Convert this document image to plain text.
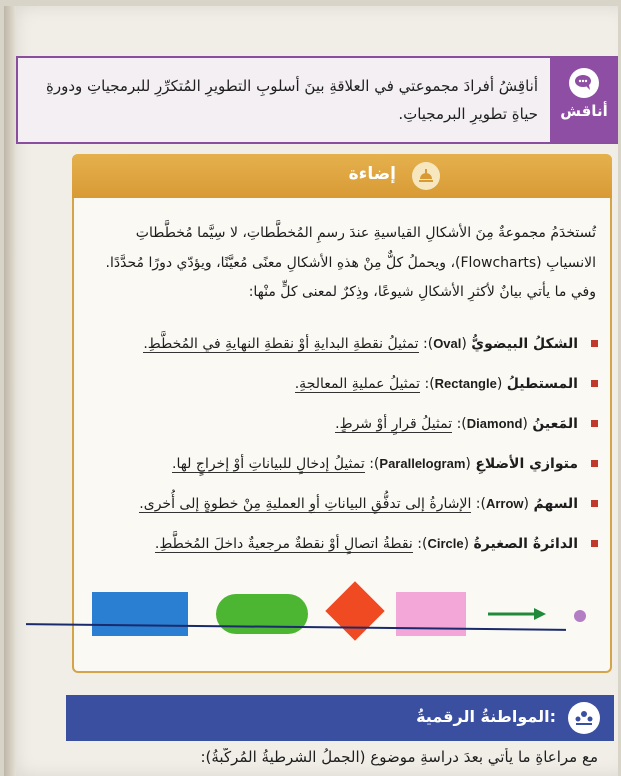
أناقِشُ أفرادَ مجموعتي في العلاقةِ بينَ أسلوبِ التطويرِ المُتكرِّرِ للبرمجياتِ ودورةِ حياةِ تطويرِ البرمجياتِ.	أناقش
إضاءة
تُستخدَمُ مجموعةٌ مِنَ الأشكالِ القياسيةِ عندَ رسمِ المُخطَّطاتِ، لا سِيَّما مُخطَّطاتِ الانسيابِ (Flowcharts)، ويحملُ كلٌّ مِنْ هذهِ الأشكالِ معنًى مُعيَّنًا، ويؤدّي دورًا مُحدَّدًا.
وفي ما يأتي بيانٌ لأكثرِ الأشكالِ شيوعًا، وذِكرٌ لمعنى كلٍّ منْها:
الشكلُ البيضويُّ (Oval): تمثيلُ نقطةِ البدايةِ أوْ نقطةِ النهايةِ في المُخطَّطِ.
المستطيلُ (Rectangle): تمثيلُ عمليةِ المعالجةِ.
المَعينُ (Diamond): تمثيلُ قرارٍ أوْ شرطٍ.
متوازي الأضلاعِ (Parallelogram): تمثيلُ إدخالٍ للبياناتِ أوْ إخراجٍ لها.
السهمُ (Arrow): الإشارةُ إلى تدفُّقِ البياناتِ أوِ العمليةِ مِنْ خطوةٍ إلى أُخرى.
الدائرةُ الصغيرةُ (Circle): نقطةُ اتصالٍ أوْ نقطةٌ مرجعيةٌ داخلَ المُخطَّطِ.
المواطنةُ الرقميةُ:
مع مراعاةِ ما يأتي بعدَ دراسةِ موضوعِ (الجملُ الشرطيةُ المُركَّبةُ):
